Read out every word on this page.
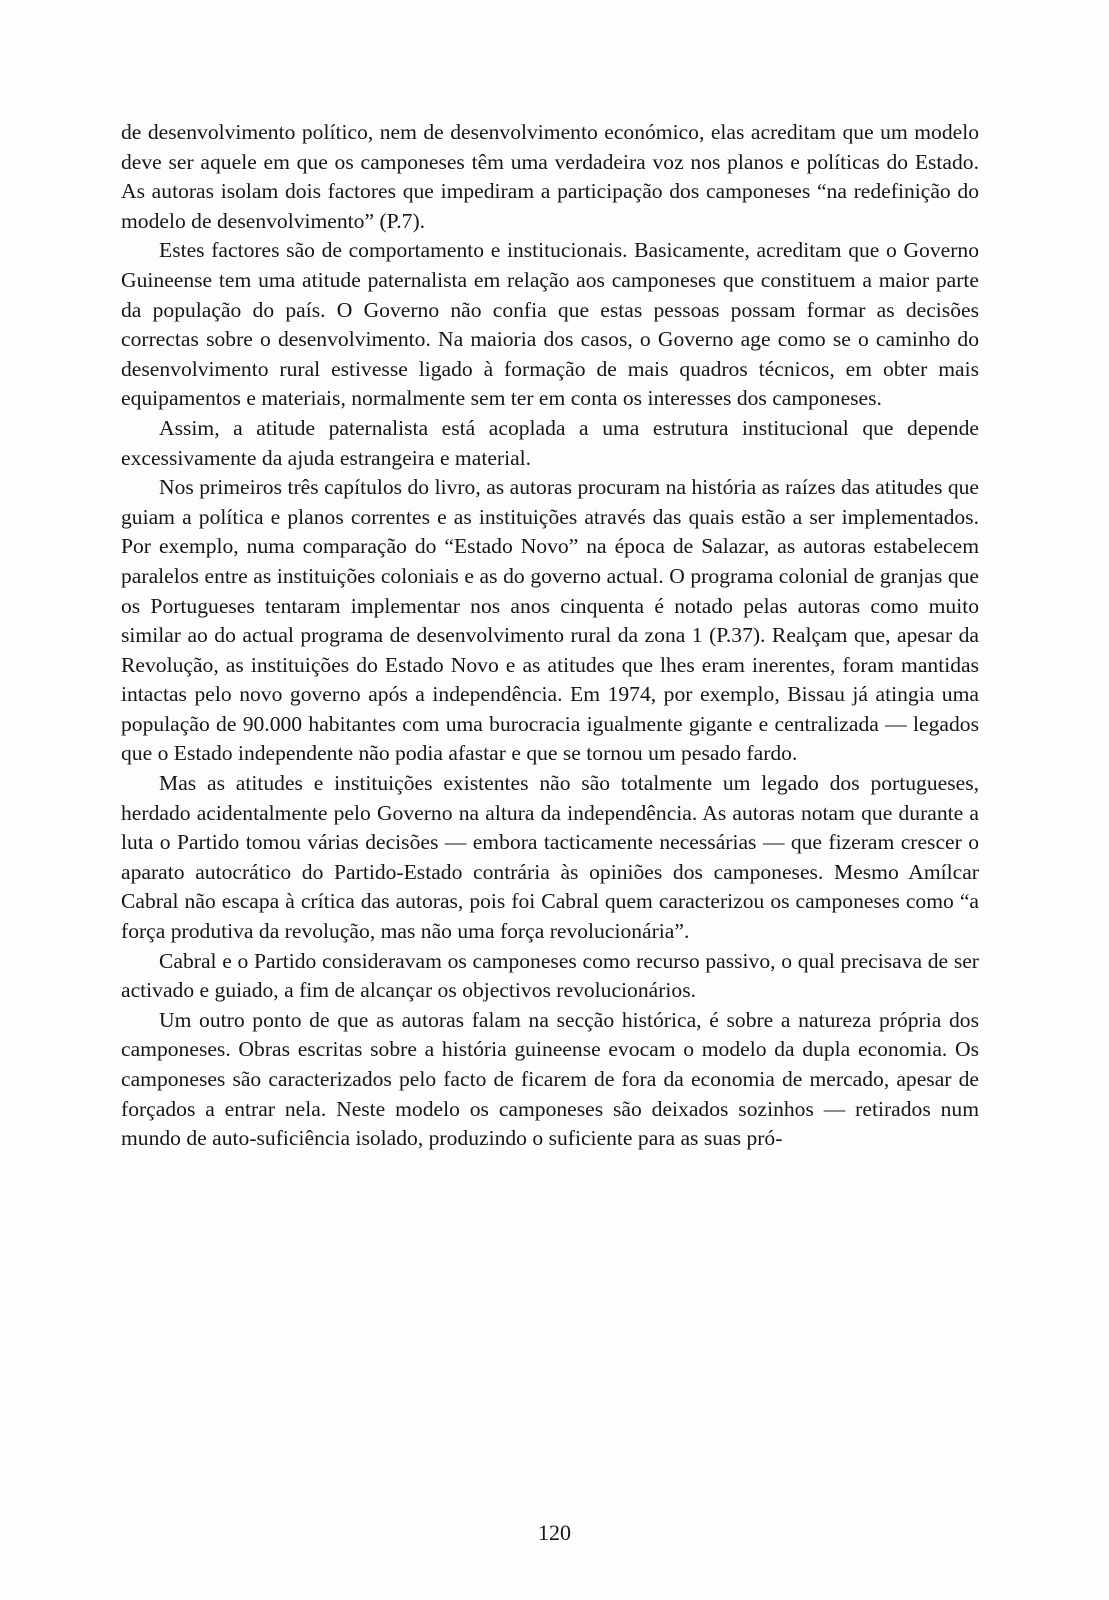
de desenvolvimento político, nem de desenvolvimento económico, elas acreditam que um modelo deve ser aquele em que os camponeses têm uma verdadeira voz nos planos e políticas do Estado. As autoras isolam dois factores que impediram a participação dos camponeses “na redefinição do modelo de desenvolvimento” (P.7).

Estes factores são de comportamento e institucionais. Basicamente, acreditam que o Governo Guineense tem uma atitude paternalista em relação aos camponeses que constituem a maior parte da população do país. O Governo não confia que estas pessoas possam formar as decisões correctas sobre o desenvolvimento. Na maioria dos casos, o Governo age como se o caminho do desenvolvimento rural estivesse ligado à formação de mais quadros técnicos, em obter mais equipamentos e materiais, normalmente sem ter em conta os interesses dos camponeses.

Assim, a atitude paternalista está acoplada a uma estrutura institucional que depende excessivamente da ajuda estrangeira e material.

Nos primeiros três capítulos do livro, as autoras procuram na história as raízes das atitudes que guiam a política e planos correntes e as instituições através das quais estão a ser implementados. Por exemplo, numa comparação do “Estado Novo” na época de Salazar, as autoras estabelecem paralelos entre as instituições coloniais e as do governo actual. O programa colonial de granjas que os Portugueses tentaram implementar nos anos cinquenta é notado pelas autoras como muito similar ao do actual programa de desenvolvimento rural da zona 1 (P.37). Realçam que, apesar da Revolução, as instituições do Estado Novo e as atitudes que lhes eram inerentes, foram mantidas intactas pelo novo governo após a independência. Em 1974, por exemplo, Bissau já atingia uma população de 90.000 habitantes com uma burocracia igualmente gigante e centralizada — legados que o Estado independente não podia afastar e que se tornou um pesado fardo.

Mas as atitudes e instituições existentes não são totalmente um legado dos portugueses, herdado acidentalmente pelo Governo na altura da independência. As autoras notam que durante a luta o Partido tomou várias decisões — embora tacticamente necessárias — que fizeram crescer o aparato autocrático do Partido-Estado contrária às opiniões dos camponeses. Mesmo Amílcar Cabral não escapa à crítica das autoras, pois foi Cabral quem caracterizou os camponeses como “a força produtiva da revolução, mas não uma força revolucionária”.

Cabral e o Partido consideravam os camponeses como recurso passivo, o qual precisava de ser activado e guiado, a fim de alcançar os objectivos revolucionários.

Um outro ponto de que as autoras falam na secção histórica, é sobre a natureza própria dos camponeses. Obras escritas sobre a história guineense evocam o modelo da dupla economia. Os camponeses são caracterizados pelo facto de ficarem de fora da economia de mercado, apesar de forçados a entrar nela. Neste modelo os camponeses são deixados sozinhos — retirados num mundo de auto-suficiência isolado, produzindo o suficiente para as suas pró-

120
